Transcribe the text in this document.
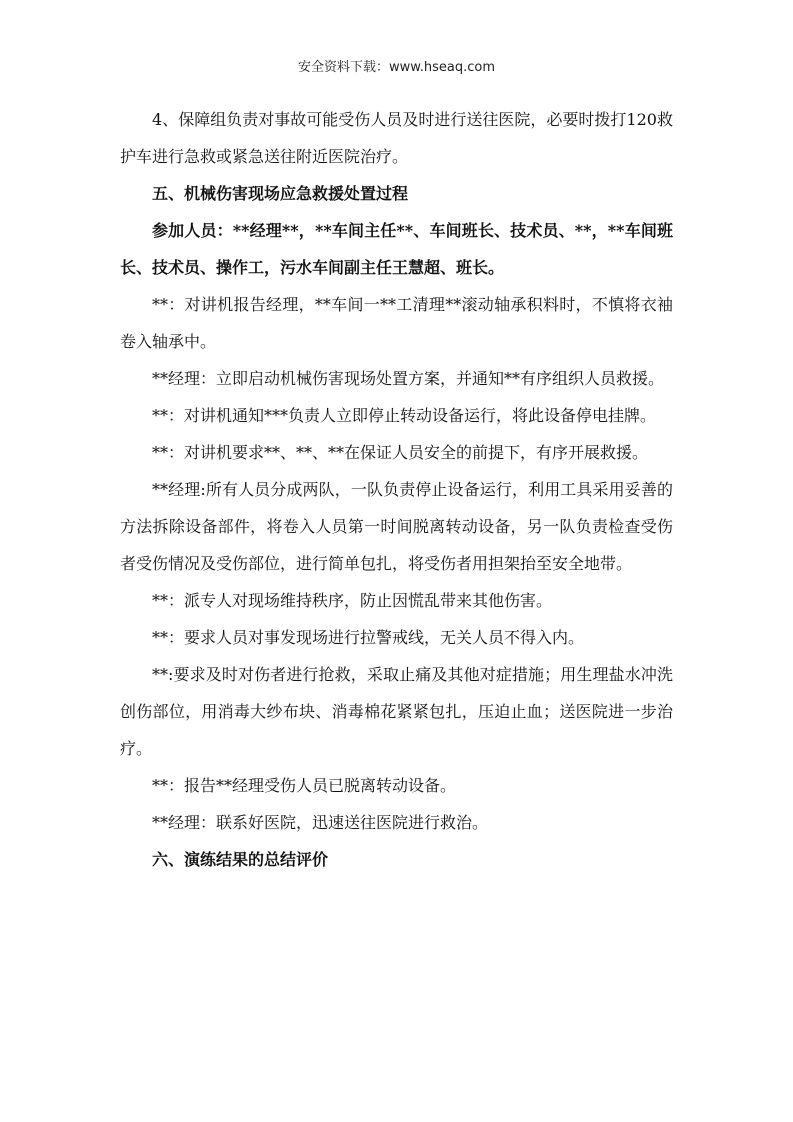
安全资料下载：www.hseaq.com

4、保障组负责对事故可能受伤人员及时进行送往医院，必要时拨打120救护车进行急救或紧急送往附近医院治疗。

五、机械伤害现场应急救援处置过程

参加人员：**经理**，**车间主任**、车间班长、技术员、**，**车间班长、技术员、操作工，污水车间副主任王慧超、班长。

**：对讲机报告经理，**车间一**工清理**滚动轴承积料时，不慎将衣袖卷入轴承中。

**经理：立即启动机械伤害现场处置方案，并通知**有序组织人员救援。

**：对讲机通知***负责人立即停止转动设备运行，将此设备停电挂牌。

**：对讲机要求**、**、**在保证人员安全的前提下，有序开展救援。

**经理:所有人员分成两队，一队负责停止设备运行，利用工具采用妥善的方法拆除设备部件，将卷入人员第一时间脱离转动设备，另一队负责检查受伤者受伤情况及受伤部位，进行简单包扎，将受伤者用担架抬至安全地带。

**：派专人对现场维持秩序，防止因慌乱带来其他伤害。

**：要求人员对事发现场进行拉警戒线，无关人员不得入内。

**:要求及时对伤者进行抢救，采取止痛及其他对症措施；用生理盐水冲洗创伤部位，用消毒大纱布块、消毒棉花紧紧包扎，压迫止血；送医院进一步治疗。

**：报告**经理受伤人员已脱离转动设备。

**经理：联系好医院，迅速送往医院进行救治。

六、演练结果的总结评价
